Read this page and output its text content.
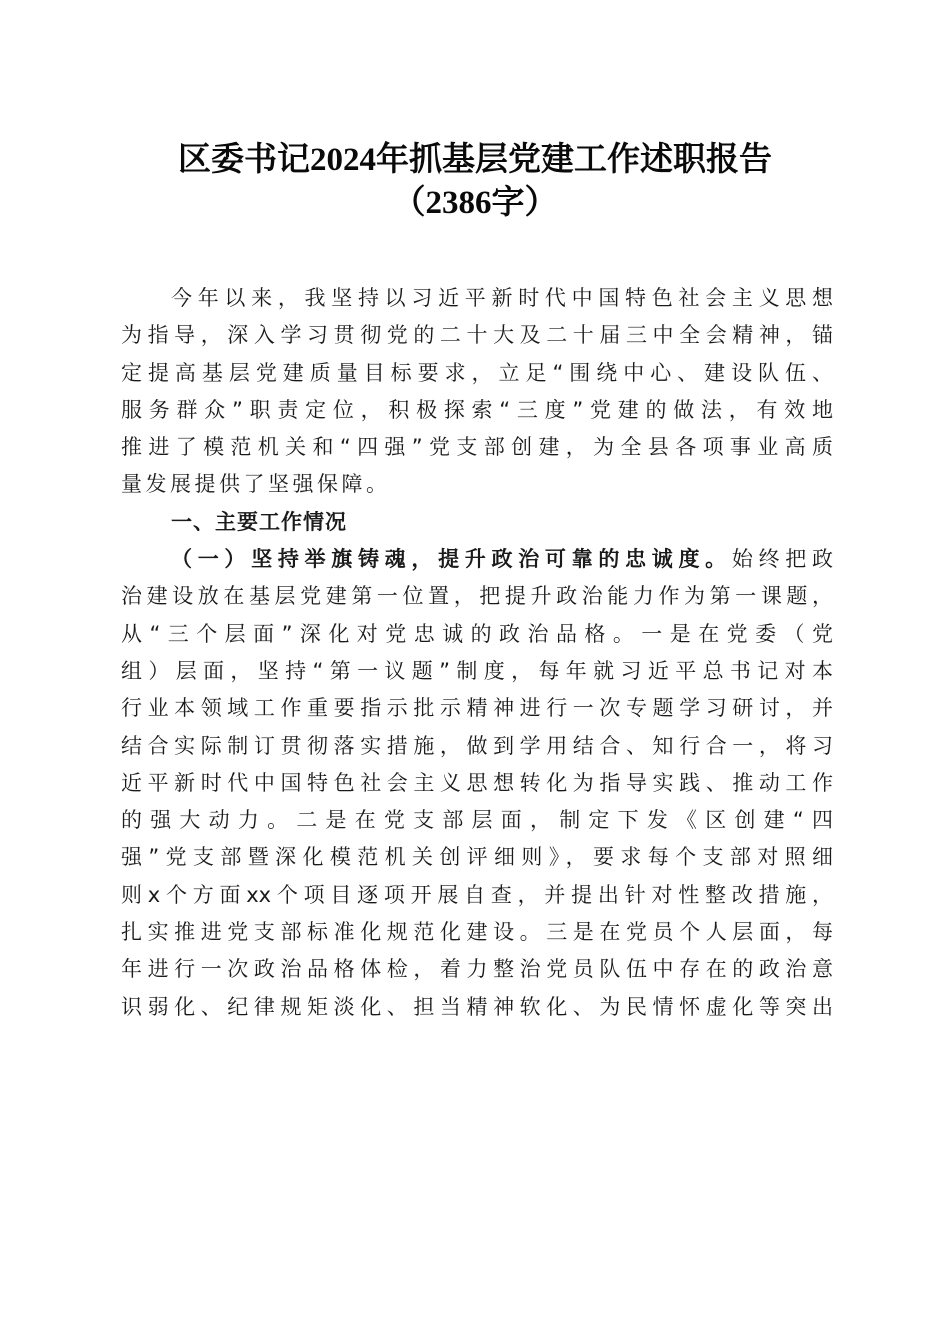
区委书记2024年抓基层党建工作述职报告
（2386字）
今年以来，我坚持以习近平新时代中国特色社会主义思想
为指导，深入学习贯彻党的二十大及二十届三中全会精神，锚
定提高基层党建质量目标要求，立足“围绕中心、建设队伍、
服务群众”职责定位，积极探索“三度”党建的做法，有效地
推进了模范机关和“四强”党支部创建，为全县各项事业高质
量发展提供了坚强保障。
一、主要工作情况
（一）坚持举旗铸魂，提升政治可靠的忠诚度。始终把政
治建设放在基层党建第一位置，把提升政治能力作为第一课题，
从“三个层面”深化对党忠诚的政治品格。一是在党委（党
组）层面，坚持“第一议题”制度，每年就习近平总书记对本
行业本领域工作重要指示批示精神进行一次专题学习研讨，并
结合实际制订贯彻落实措施，做到学用结合、知行合一，将习
近平新时代中国特色社会主义思想转化为指导实践、推动工作
的强大动力。二是在党支部层面，制定下发《区创建“四
强”党支部暨深化模范机关创评细则》，要求每个支部对照细
则x个方面xx个项目逐项开展自查，并提出针对性整改措施，
扎实推进党支部标准化规范化建设。三是在党员个人层面，每
年进行一次政治品格体检，着力整治党员队伍中存在的政治意
识弱化、纪律规矩淡化、担当精神软化、为民情怀虚化等突出
